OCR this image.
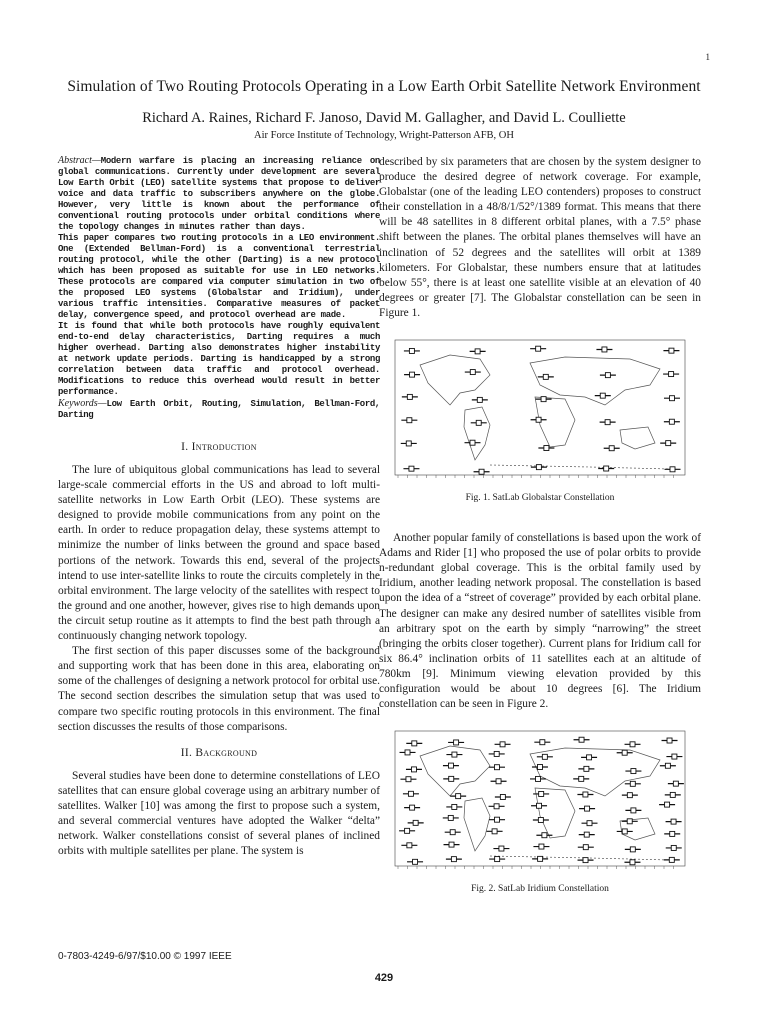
1
Simulation of Two Routing Protocols Operating in a Low Earth Orbit Satellite Network Environment
Richard A. Raines, Richard F. Janoso, David M. Gallagher, and David L. Coulliette
Air Force Institute of Technology, Wright-Patterson AFB, OH

Abstract—Modern warfare is placing an increasing reliance on global communications. Currently under development are several Low Earth Orbit (LEO) satellite systems that propose to deliver voice and data traffic to subscribers anywhere on the globe. However, very little is known about the performance of conventional routing protocols under orbital conditions where the topology changes in minutes rather than days.

This paper compares two routing protocols in a LEO environment. One (Extended Bellman-Ford) is a conventional terrestrial routing protocol, while the other (Darting) is a new protocol which has been proposed as suitable for use in LEO networks. These protocols are compared via computer simulation in two of the proposed LEO systems (Globalstar and Iridium), under various traffic intensities. Comparative measures of packet delay, convergence speed, and protocol overhead are made.

It is found that while both protocols have roughly equivalent end-to-end delay characteristics, Darting requires a much higher overhead. Darting also demonstrates higher instability at network update periods. Darting is handicapped by a strong correlation between data traffic and protocol overhead. Modifications to reduce this overhead would result in better performance.

Keywords—Low Earth Orbit, Routing, Simulation, Bellman-Ford, Darting

I. Introduction

The lure of ubiquitous global communications has lead to several large-scale commercial efforts in the US and abroad to loft multi-satellite networks in Low Earth Orbit (LEO). These systems are designed to provide mobile communications from any point on the earth. In order to reduce propagation delay, these systems attempt to minimize the number of links between the ground and space based portions of the network. Towards this end, several of the projects intend to use inter-satellite links to route the circuits completely in the orbital environment. The large velocity of the satellites with respect to the ground and one another, however, gives rise to high demands upon the circuit setup routine as it attempts to find the best path through a continuously changing network topology.

The first section of this paper discusses some of the background and supporting work that has been done in this area, elaborating on some of the challenges of designing a network protocol for orbital use. The second section describes the simulation setup that was used to compare two specific routing protocols in this environment. The final section discusses the results of those comparisons.

II. Background

Several studies have been done to determine constellations of LEO satellites that can ensure global coverage using an arbitrary number of satellites. Walker [10] was among the first to propose such a system, and several commercial ventures have adopted the Walker “delta” network. Walker constellations consist of several planes of inclined orbits with multiple satellites per plane. The system is

described by six parameters that are chosen by the system designer to produce the desired degree of network coverage. For example, Globalstar (one of the leading LEO contenders) proposes to construct their constellation in a 48/8/1/52°/1389 format. This means that there will be 48 satellites in 8 different orbital planes, with a 7.5° phase shift between the planes. The orbital planes themselves will have an inclination of 52 degrees and the satellites will orbit at 1389 kilometers. For Globalstar, these numbers ensure that at latitudes below 55°, there is at least one satellite visible at an elevation of 40 degrees or greater [7]. The Globalstar constellation can be seen in Figure 1.

Fig. 1. SatLab Globalstar Constellation

Another popular family of constellations is based upon the work of Adams and Rider [1] who proposed the use of polar orbits to provide n-redundant global coverage. This is the orbital family used by Iridium, another leading network proposal. The constellation is based upon the idea of a “street of coverage” provided by each orbital plane. The designer can make any desired number of satellites visible from an arbitrary spot on the earth by simply “narrowing” the street (bringing the orbits closer together). Current plans for Iridium call for six 86.4° inclination orbits of 11 satellites each at an altitude of 780km [9]. Minimum viewing elevation provided by this configuration would be about 10 degrees [6]. The Iridium constellation can be seen in Figure 2.

Fig. 2. SatLab Iridium Constellation
0-7803-4249-6/97/$10.00 © 1997 IEEE
429
